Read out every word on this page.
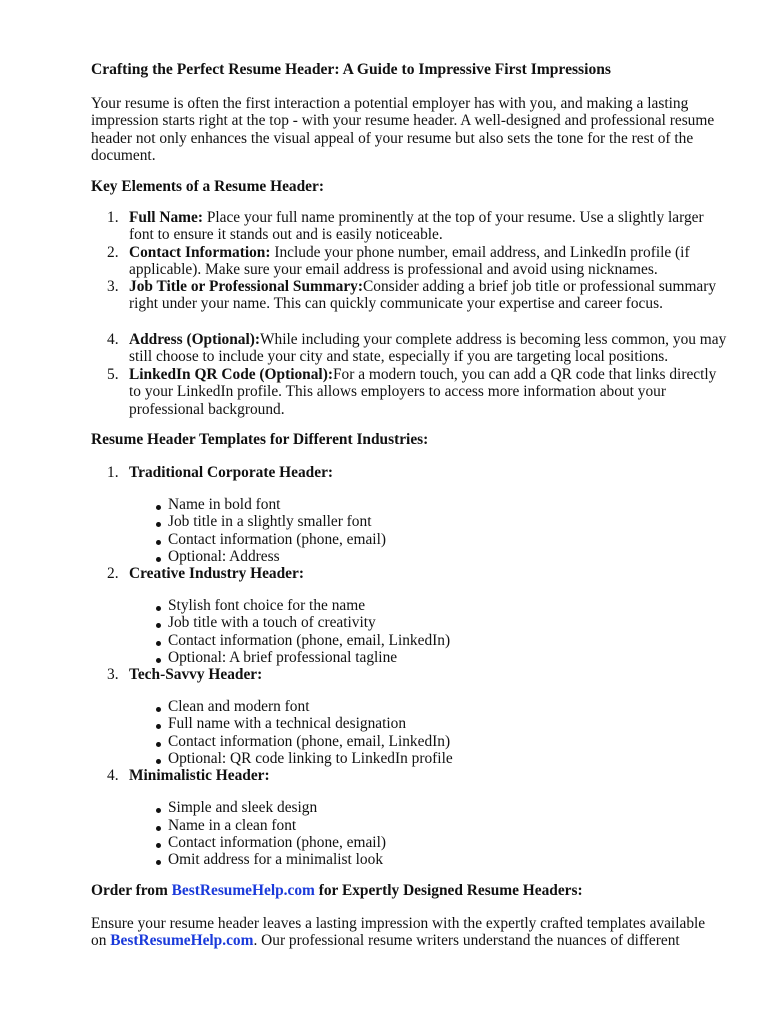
Crafting the Perfect Resume Header: A Guide to Impressive First Impressions
Your resume is often the first interaction a potential employer has with you, and making a lasting impression starts right at the top - with your resume header. A well-designed and professional resume header not only enhances the visual appeal of your resume but also sets the tone for the rest of the document.
Key Elements of a Resume Header:
1. Full Name: Place your full name prominently at the top of your resume. Use a slightly larger font to ensure it stands out and is easily noticeable.
2. Contact Information: Include your phone number, email address, and LinkedIn profile (if applicable). Make sure your email address is professional and avoid using nicknames.
3. Job Title or Professional Summary:Consider adding a brief job title or professional summary right under your name. This can quickly communicate your expertise and career focus.
4. Address (Optional):While including your complete address is becoming less common, you may still choose to include your city and state, especially if you are targeting local positions.
5. LinkedIn QR Code (Optional):For a modern touch, you can add a QR code that links directly to your LinkedIn profile. This allows employers to access more information about your professional background.
Resume Header Templates for Different Industries:
1. Traditional Corporate Header:
Name in bold font
Job title in a slightly smaller font
Contact information (phone, email)
Optional: Address
2. Creative Industry Header:
Stylish font choice for the name
Job title with a touch of creativity
Contact information (phone, email, LinkedIn)
Optional: A brief professional tagline
3. Tech-Savvy Header:
Clean and modern font
Full name with a technical designation
Contact information (phone, email, LinkedIn)
Optional: QR code linking to LinkedIn profile
4. Minimalistic Header:
Simple and sleek design
Name in a clean font
Contact information (phone, email)
Omit address for a minimalist look
Order from BestResumeHelp.com for Expertly Designed Resume Headers:
Ensure your resume header leaves a lasting impression with the expertly crafted templates available
on BestResumeHelp.com. Our professional resume writers understand the nuances of different
